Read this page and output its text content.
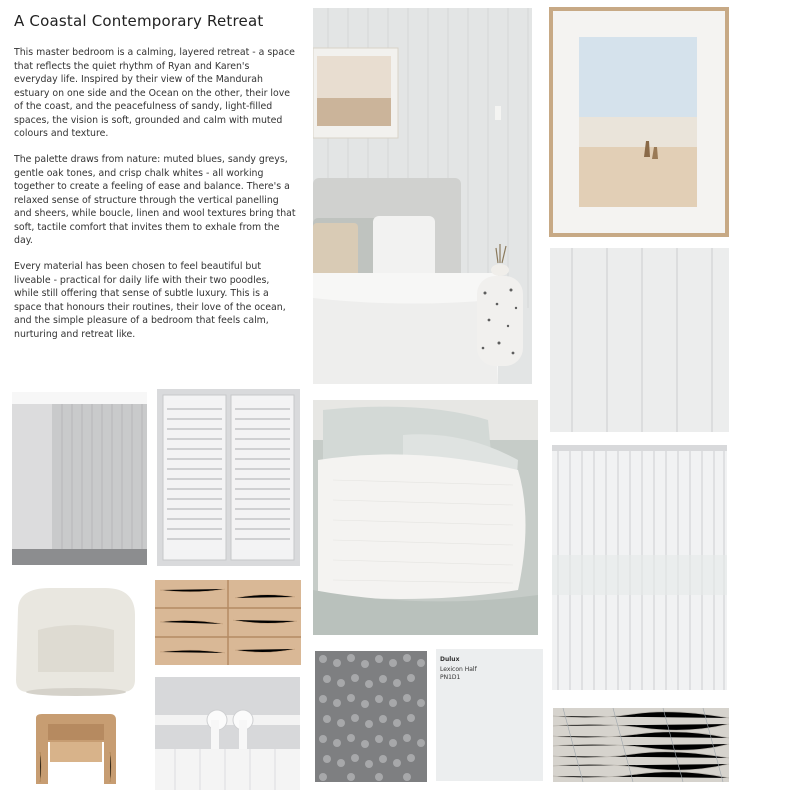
A Coastal Contemporary Retreat

This master bedroom is a calming, layered retreat - a space that reflects the quiet rhythm of Ryan and Karen's everyday life. Inspired by their view of the Mandurah estuary on one side and the Ocean on the other, their love of the coast, and the peacefulness of sandy, light-filled spaces, the vision is soft, grounded and calm with muted colours and texture.

The palette draws from nature: muted blues, sandy greys, gentle oak tones, and crisp chalk whites - all working together to create a feeling of ease and balance. There's a relaxed sense of structure through the vertical panelling and sheers, while boucle, linen and wool textures bring that soft, tactile comfort that invites them to exhale from the day.

Every material has been chosen to feel beautiful but liveable - practical for daily life with their two poodles, while still offering that sense of subtle luxury. This is a space that honours their routines, their love of the ocean, and the simple pleasure of a bedroom that feels calm, nurturing and retreat like.

Dulux
Lexicon Half
PN1D1
